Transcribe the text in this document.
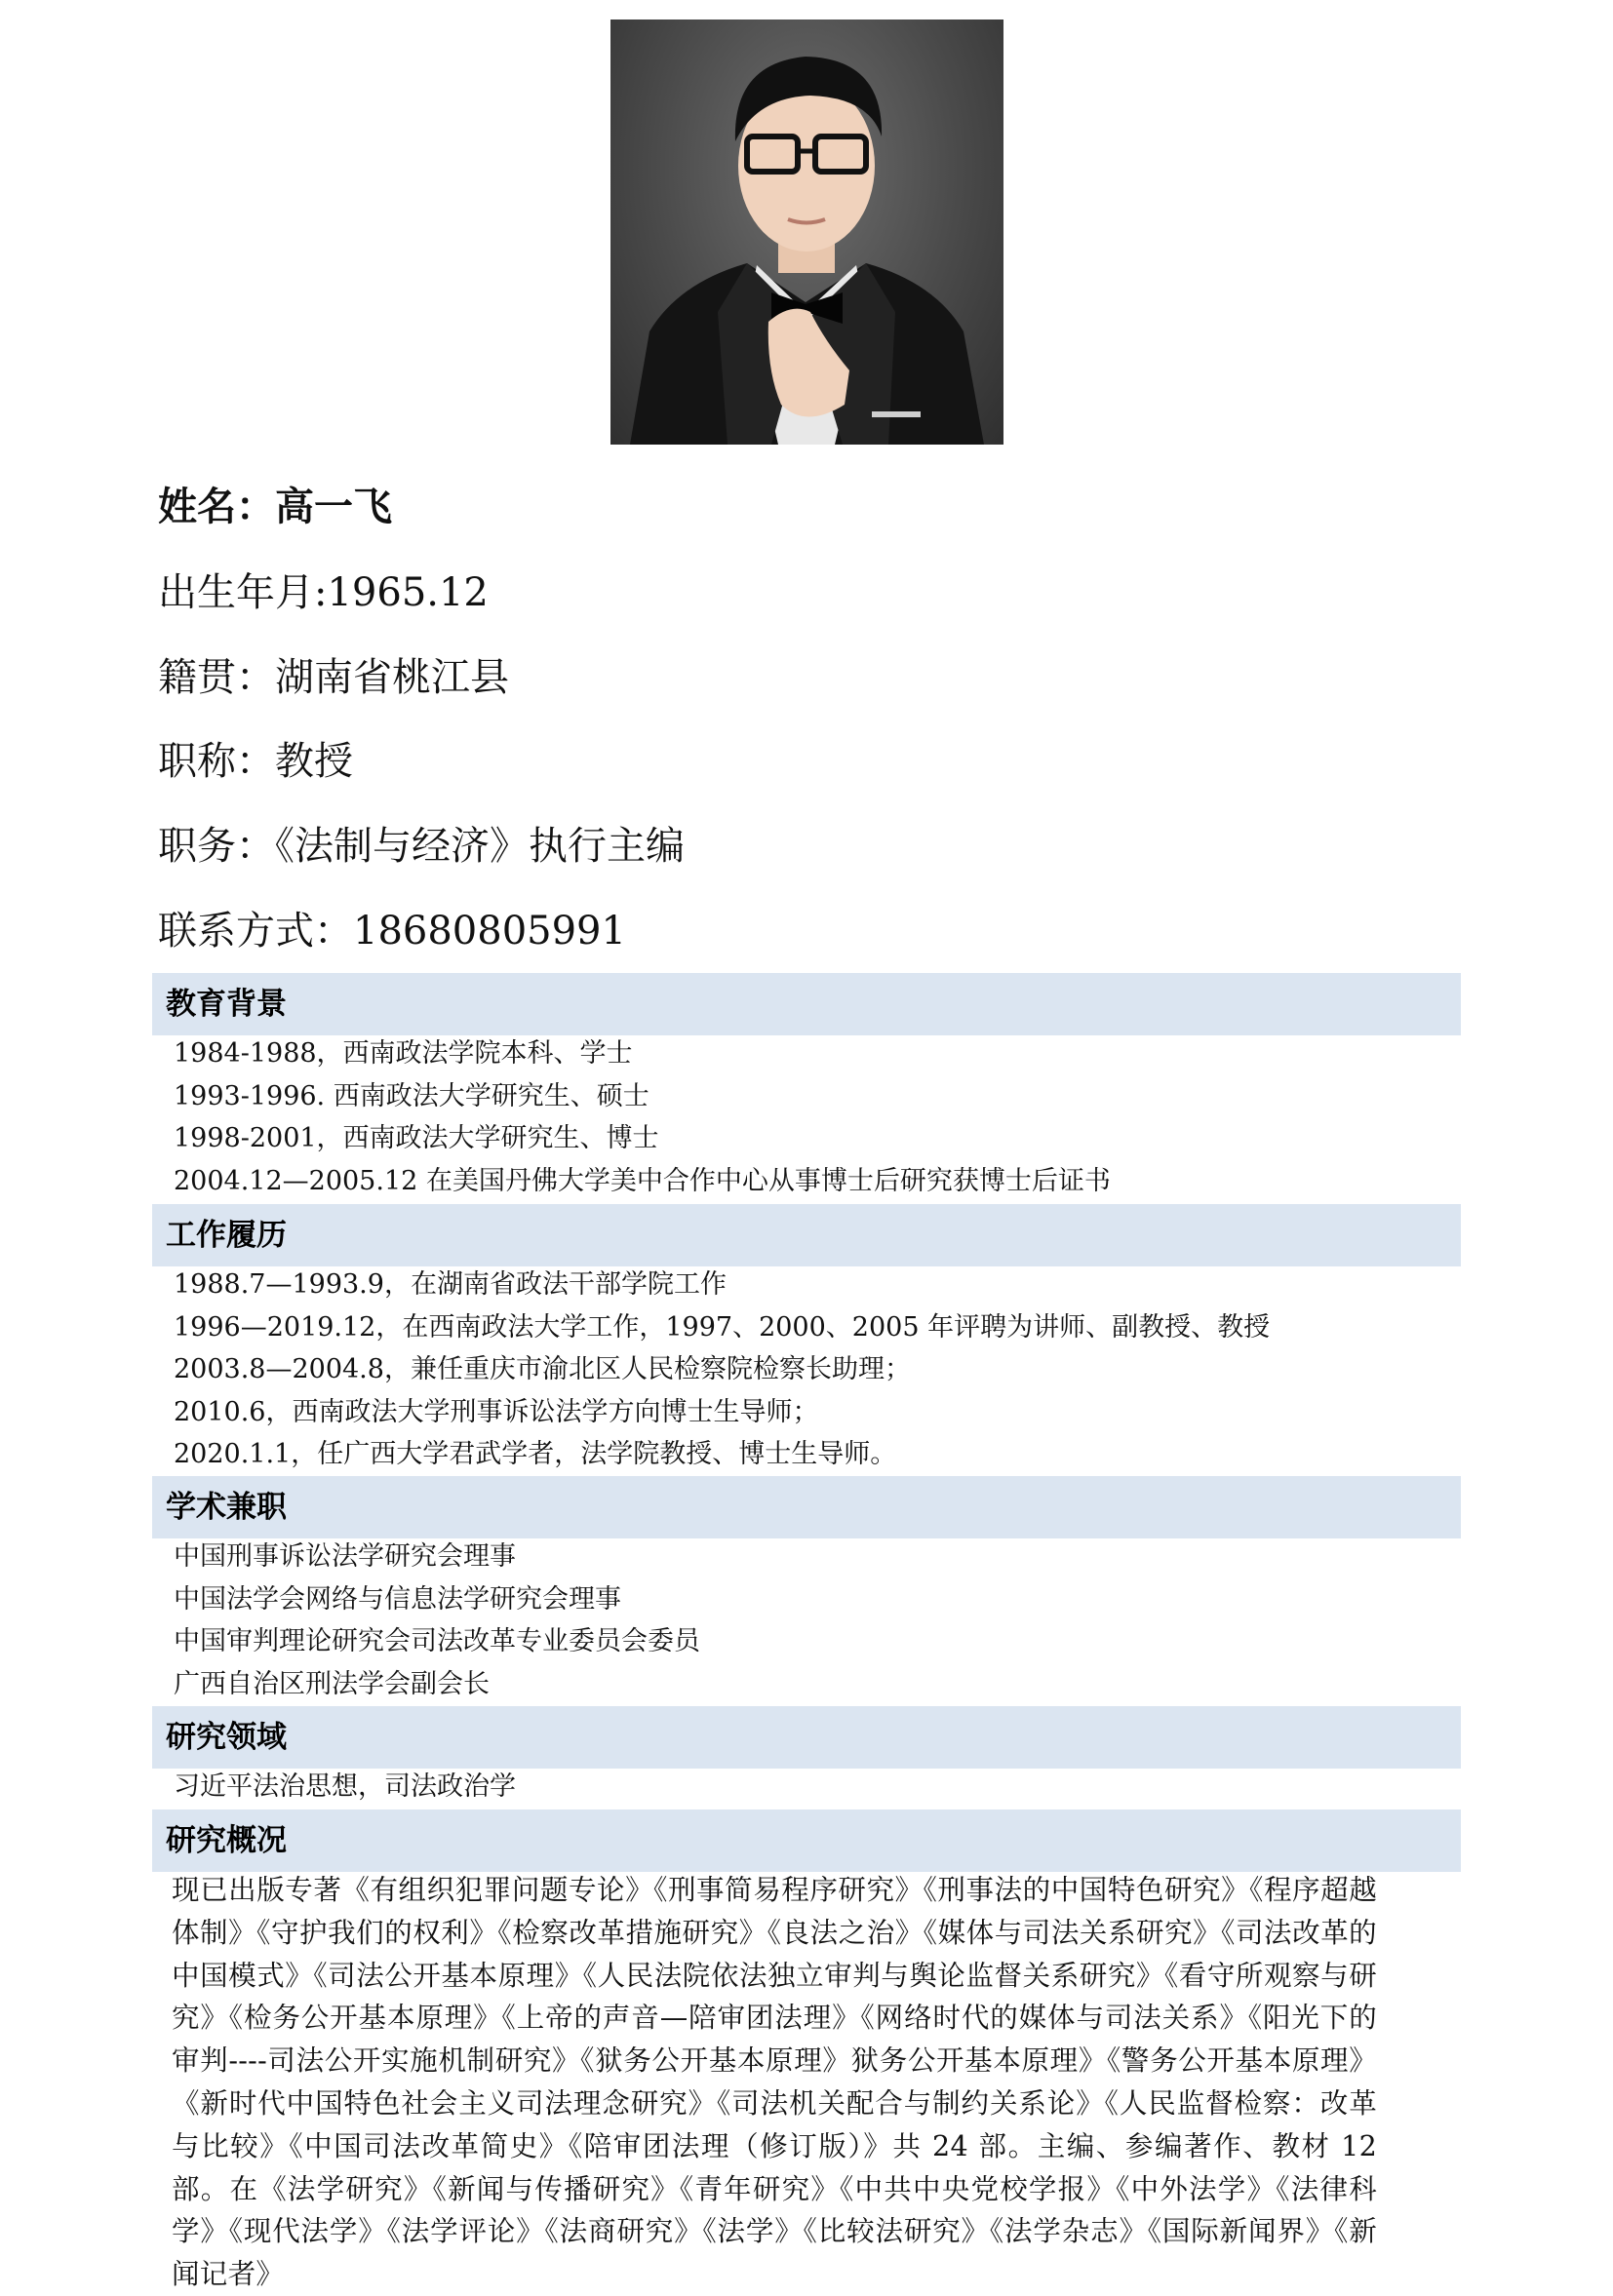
姓名：高一飞
出生年月:1965.12
籍贯：湖南省桃江县
职称：教授
职务：《法制与经济》执行主编
联系方式：18680805991
教育背景
1984-1988，西南政法学院本科、学士
1993-1996. 西南政法大学研究生、硕士
1998-2001，西南政法大学研究生、博士
2004.12—2005.12 在美国丹佛大学美中合作中心从事博士后研究获博士后证书
工作履历
1988.7—1993.9，在湖南省政法干部学院工作
1996—2019.12，在西南政法大学工作，1997、2000、2005 年评聘为讲师、副教授、教授
2003.8—2004.8，兼任重庆市渝北区人民检察院检察长助理；
2010.6，西南政法大学刑事诉讼法学方向博士生导师；
2020.1.1，任广西大学君武学者，法学院教授、博士生导师。
学术兼职
中国刑事诉讼法学研究会理事
中国法学会网络与信息法学研究会理事
中国审判理论研究会司法改革专业委员会委员
广西自治区刑法学会副会长
研究领域
习近平法治思想，司法政治学
研究概况
现已出版专著《有组织犯罪问题专论》《刑事简易程序研究》《刑事法的中国特色研究》《程序超越体制》《守护我们的权利》《检察改革措施研究》《良法之治》《媒体与司法关系研究》《司法改革的中国模式》《司法公开基本原理》《人民法院依法独立审判与舆论监督关系研究》《看守所观察与研究》《检务公开基本原理》《上帝的声音—陪审团法理》《网络时代的媒体与司法关系》《阳光下的审判----司法公开实施机制研究》《狱务公开基本原理》狱务公开基本原理》《警务公开基本原理》《新时代中国特色社会主义司法理念研究》《司法机关配合与制约关系论》《人民监督检察：改革与比较》《中国司法改革简史》《陪审团法理（修订版）》共 24 部。主编、参编著作、教材 12 部。在《法学研究》《新闻与传播研究》《青年研究》《中共中央党校学报》《中外法学》《法律科学》《现代法学》《法学评论》《法商研究》《法学》《比较法研究》《法学杂志》《国际新闻界》《新闻记者》
